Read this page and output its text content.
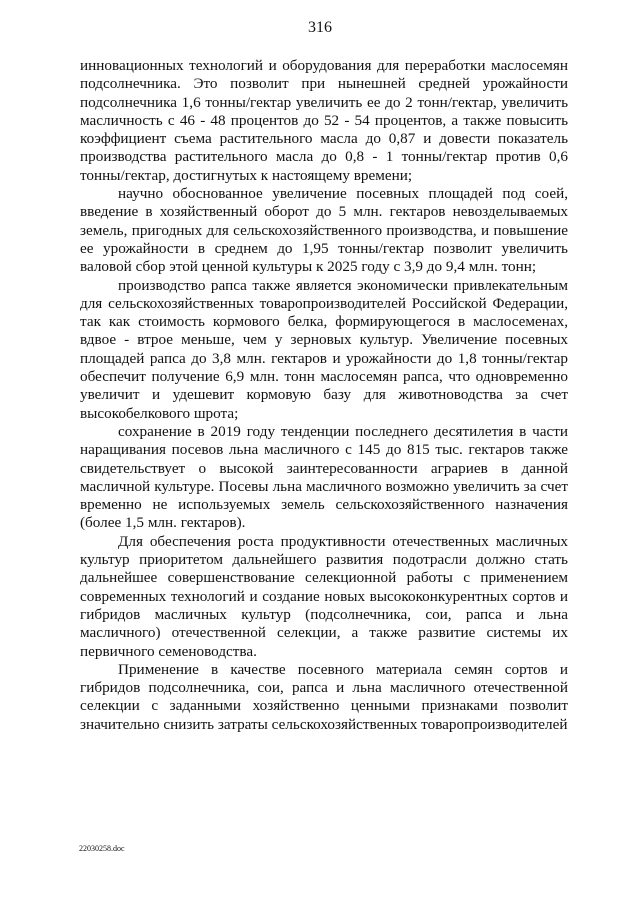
316

инновационных технологий и оборудования для переработки маслосемян подсолнечника. Это позволит при нынешней средней урожайности подсолнечника 1,6 тонны/гектар увеличить ее до 2 тонн/гектар, увеличить масличность с 46 - 48 процентов до 52 - 54 процентов, а также повысить коэффициент съема растительного масла до 0,87 и довести показатель производства растительного масла до 0,8 - 1 тонны/гектар против 0,6 тонны/гектар, достигнутых к настоящему времени;

научно обоснованное увеличение посевных площадей под соей, введение в хозяйственный оборот до 5 млн. гектаров невозделываемых земель, пригодных для сельскохозяйственного производства, и повышение ее урожайности в среднем до 1,95 тонны/гектар позволит увеличить валовой сбор этой ценной культуры к 2025 году с 3,9 до 9,4 млн. тонн;

производство рапса также является экономически привлекательным для сельскохозяйственных товаропроизводителей Российской Федерации, так как стоимость кормового белка, формирующегося в маслосеменах, вдвое - втрое меньше, чем у зерновых культур. Увеличение посевных площадей рапса до 3,8 млн. гектаров и урожайности до 1,8 тонны/гектар обеспечит получение 6,9 млн. тонн маслосемян рапса, что одновременно увеличит и удешевит кормовую базу для животноводства за счет высокобелкового шрота;

сохранение в 2019 году тенденции последнего десятилетия в части наращивания посевов льна масличного с 145 до 815 тыс. гектаров также свидетельствует о высокой заинтересованности аграриев в данной масличной культуре. Посевы льна масличного возможно увеличить за счет временно не используемых земель сельскохозяйственного назначения (более 1,5 млн. гектаров).

Для обеспечения роста продуктивности отечественных масличных культур приоритетом дальнейшего развития подотрасли должно стать дальнейшее совершенствование селекционной работы с применением современных технологий и создание новых высококонкурентных сортов и гибридов масличных культур (подсолнечника, сои, рапса и льна масличного) отечественной селекции, а также развитие системы их первичного семеноводства.

Применение в качестве посевного материала семян сортов и гибридов подсолнечника, сои, рапса и льна масличного отечественной селекции с заданными хозяйственно ценными признаками позволит значительно снизить затраты сельскохозяйственных товаропроизводителей

22030258.doc
